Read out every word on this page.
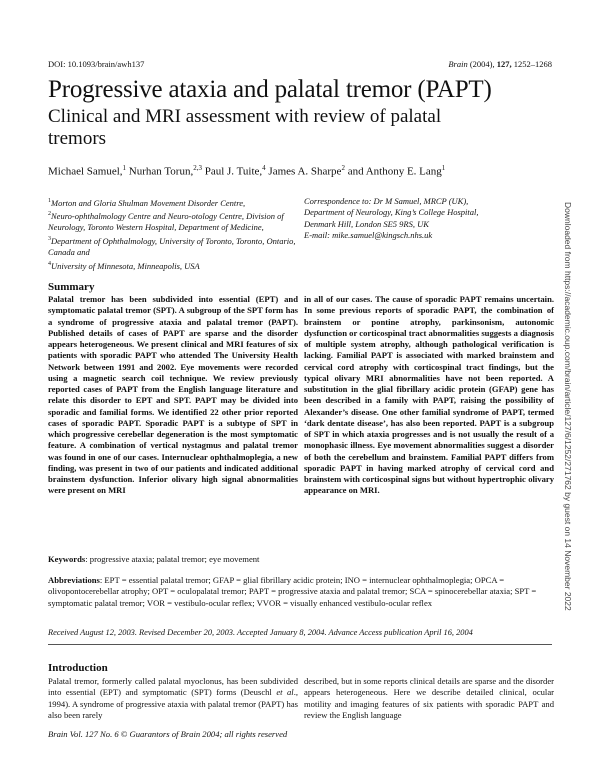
DOI: 10.1093/brain/awh137	Brain (2004), 127, 1252–1268
Progressive ataxia and palatal tremor (PAPT)
Clinical and MRI assessment with review of palatal tremors
Michael Samuel,$^1$ Nurhan Torun,$^{2,3}$ Paul J. Tuite,$^4$ James A. Sharpe$^2$ and Anthony E. Lang$^1$
$^1$Morton and Gloria Shulman Movement Disorder Centre,
$^2$Neuro-ophthalmology Centre and Neuro-otology Centre, Division of Neurology, Toronto Western Hospital, Department of Medicine, $^3$Department of Ophthalmology, University of Toronto, Toronto, Ontario, Canada and
$^4$University of Minnesota, Minneapolis, USA
Correspondence to: Dr M Samuel, MRCP (UK),
Department of Neurology, King’s College Hospital,
Denmark Hill, London SE5 9RS, UK
E-mail: mike.samuel@kingsch.nhs.uk
Summary
Palatal tremor has been subdivided into essential (EPT) and symptomatic palatal tremor (SPT). A subgroup of the SPT form has a syndrome of progressive ataxia and palatal tremor (PAPT). Published details of cases of PAPT are sparse and the disorder appears heterogeneous. We present clinical and MRI features of six patients with sporadic PAPT who attended The University Health Network between 1991 and 2002. Eye movements were recorded using a magnetic search coil technique. We review previously reported cases of PAPT from the English language literature and relate this disorder to EPT and SPT. PAPT may be divided into sporadic and familial forms. We identified 22 other prior reported cases of sporadic PAPT. Sporadic PAPT is a subtype of SPT in which progressive cerebellar degeneration is the most symptomatic feature. A combination of vertical nystagmus and palatal tremor was found in one of our cases. Internuclear ophthalmoplegia, a new finding, was present in two of our patients and indicated additional brainstem dysfunction. Inferior olivary high signal abnormalities were present on MRI
in all of our cases. The cause of sporadic PAPT remains uncertain. In some previous reports of sporadic PAPT, the combination of brainstem or pontine atrophy, parkinsonism, autonomic dysfunction or corticospinal tract abnormalities suggests a diagnosis of multiple system atrophy, although pathological verification is lacking. Familial PAPT is associated with marked brainstem and cervical cord atrophy with corticospinal tract findings, but the typical olivary MRI abnormalities have not been reported. A substitution in the glial fibrillary acidic protein (GFAP) gene has been described in a family with PAPT, raising the possibility of Alexander’s disease. One other familial syndrome of PAPT, termed ‘dark dentate disease’, has also been reported. PAPT is a subgroup of SPT in which ataxia progresses and is not usually the result of a monophasic illness. Eye movement abnormalities suggest a disorder of both the cerebellum and brainstem. Familial PAPT differs from sporadic PAPT in having marked atrophy of cervical cord and brainstem with corticospinal signs but without hypertrophic olivary appearance on MRI.
Keywords: progressive ataxia; palatal tremor; eye movement
Abbreviations: EPT = essential palatal tremor; GFAP = glial fibrillary acidic protein; INO = internuclear ophthalmoplegia; OPCA = olivopontocerebellar atrophy; OPT = oculopalatal tremor; PAPT = progressive ataxia and palatal tremor; SCA = spinocerebellar ataxia; SPT = symptomatic palatal tremor; VOR = vestibulo-ocular reflex; VVOR = visually enhanced vestibulo-ocular reflex
Received August 12, 2003. Revised December 20, 2003. Accepted January 8, 2004. Advance Access publication April 16, 2004
Introduction
Palatal tremor, formerly called palatal myoclonus, has been subdivided into essential (EPT) and symptomatic (SPT) forms (Deuschl et al., 1994). A syndrome of progressive ataxia with palatal tremor (PAPT) has also been rarely
described, but in some reports clinical details are sparse and the disorder appears heterogeneous. Here we describe detailed clinical, ocular motility and imaging features of six patients with sporadic PAPT and review the English language
Brain Vol. 127 No. 6 © Guarantors of Brain 2004; all rights reserved
Downloaded from https://academic.oup.com/brain/article/127/6/1252/271762 by guest on 14 November 2022
